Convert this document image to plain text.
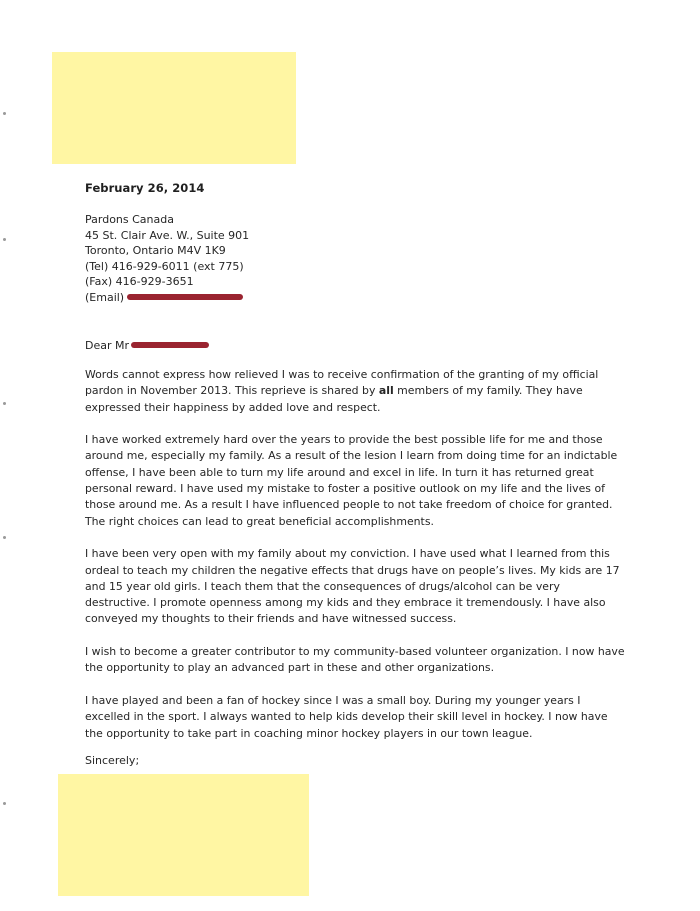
February 26, 2014
Pardons Canada
45 St. Clair Ave. W., Suite 901
Toronto, Ontario M4V 1K9
(Tel) 416-929-6011 (ext 775)
(Fax) 416-929-3651
(Email)
Dear Mr

Words cannot express how relieved I was to receive confirmation of the granting of my official pardon in November 2013. This reprieve is shared by all members of my family. They have expressed their happiness by added love and respect.

I have worked extremely hard over the years to provide the best possible life for me and those around me, especially my family. As a result of the lesion I learn from doing time for an indictable offense, I have been able to turn my life around and excel in life. In turn it has returned great personal reward. I have used my mistake to foster a positive outlook on my life and the lives of those around me. As a result I have influenced people to not take freedom of choice for granted. The right choices can lead to great beneficial accomplishments.

I have been very open with my family about my conviction. I have used what I learned from this ordeal to teach my children the negative effects that drugs have on people’s lives. My kids are 17 and 15 year old girls. I teach them that the consequences of drugs/alcohol can be very destructive. I promote openness among my kids and they embrace it tremendously. I have also conveyed my thoughts to their friends and have witnessed success.

I wish to become a greater contributor to my community-based volunteer organization. I now have the opportunity to play an advanced part in these and other organizations.

I have played and been a fan of hockey since I was a small boy. During my younger years I excelled in the sport. I always wanted to help kids develop their skill level in hockey. I now have the opportunity to take part in coaching minor hockey players in our town league.

Sincerely;
